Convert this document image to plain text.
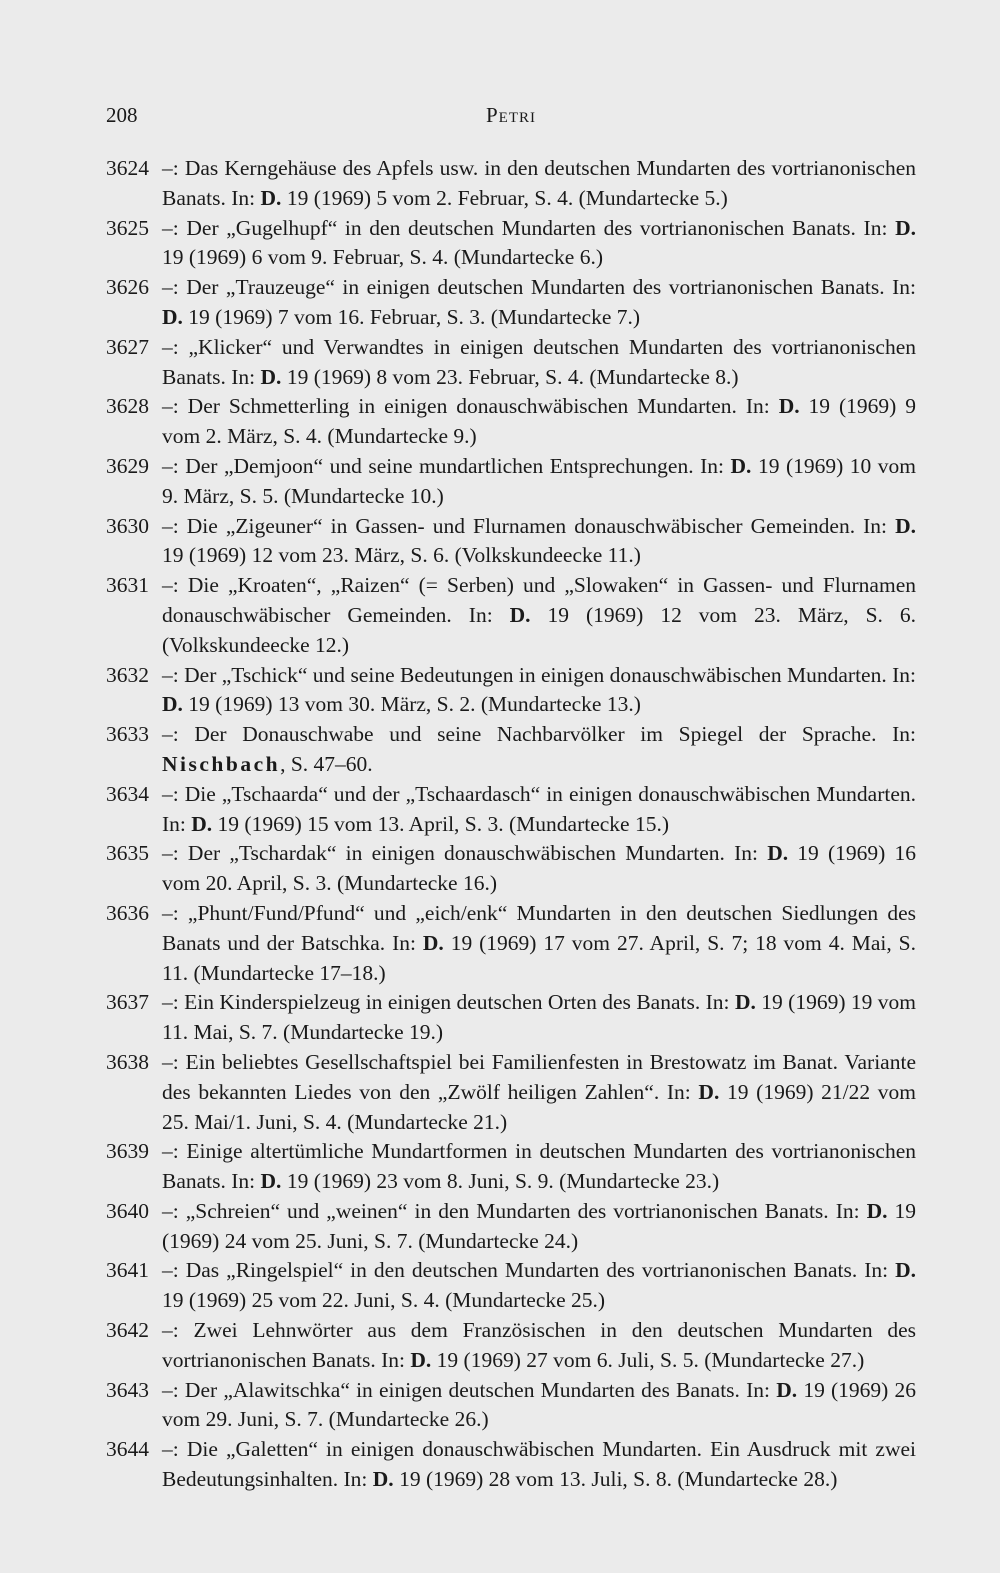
208	Petri
3624 –: Das Kerngehäuse des Apfels usw. in den deutschen Mundarten des vortrianonischen Banats. In: D. 19 (1969) 5 vom 2. Februar, S. 4. (Mundartecke 5.)
3625 –: Der „Gugelhupf“ in den deutschen Mundarten des vortrianonischen Banats. In: D. 19 (1969) 6 vom 9. Februar, S. 4. (Mundartecke 6.)
3626 –: Der „Trauzeuge“ in einigen deutschen Mundarten des vortrianonischen Banats. In: D. 19 (1969) 7 vom 16. Februar, S. 3. (Mundartecke 7.)
3627 –: „Klicker“ und Verwandtes in einigen deutschen Mundarten des vortrianonischen Banats. In: D. 19 (1969) 8 vom 23. Februar, S. 4. (Mundartecke 8.)
3628 –: Der Schmetterling in einigen donauschwäbischen Mundarten. In: D. 19 (1969) 9 vom 2. März, S. 4. (Mundartecke 9.)
3629 –: Der „Demjoon“ und seine mundartlichen Entsprechungen. In: D. 19 (1969) 10 vom 9. März, S. 5. (Mundartecke 10.)
3630 –: Die „Zigeuner“ in Gassen- und Flurnamen donauschwäbischer Gemeinden. In: D. 19 (1969) 12 vom 23. März, S. 6. (Volkskundeecke 11.)
3631 –: Die „Kroaten“, „Raizen“ (= Serben) und „Slowaken“ in Gassen- und Flurnamen donauschwäbischer Gemeinden. In: D. 19 (1969) 12 vom 23. März, S. 6. (Volkskundeecke 12.)
3632 –: Der „Tschick“ und seine Bedeutungen in einigen donauschwäbischen Mundarten. In: D. 19 (1969) 13 vom 30. März, S. 2. (Mundartecke 13.)
3633 –: Der Donauschwabe und seine Nachbarvölker im Spiegel der Sprache. In: Nischbach, S. 47–60.
3634 –: Die „Tschaarda“ und der „Tschaardasch“ in einigen donauschwäbischen Mundarten. In: D. 19 (1969) 15 vom 13. April, S. 3. (Mundartecke 15.)
3635 –: Der „Tschardak“ in einigen donauschwäbischen Mundarten. In: D. 19 (1969) 16 vom 20. April, S. 3. (Mundartecke 16.)
3636 –: „Phunt/Fund/Pfund“ und „eich/enk“ Mundarten in den deutschen Siedlungen des Banats und der Batschka. In: D. 19 (1969) 17 vom 27. April, S. 7; 18 vom 4. Mai, S. 11. (Mundartecke 17–18.)
3637 –: Ein Kinderspielzeug in einigen deutschen Orten des Banats. In: D. 19 (1969) 19 vom 11. Mai, S. 7. (Mundartecke 19.)
3638 –: Ein beliebtes Gesellschaftspiel bei Familienfesten in Brestowatz im Banat. Variante des bekannten Liedes von den „Zwölf heiligen Zahlen“. In: D. 19 (1969) 21/22 vom 25. Mai/1. Juni, S. 4. (Mundartecke 21.)
3639 –: Einige altertümliche Mundartformen in deutschen Mundarten des vortrianonischen Banats. In: D. 19 (1969) 23 vom 8. Juni, S. 9. (Mundartecke 23.)
3640 –: „Schreien“ und „weinen“ in den Mundarten des vortrianonischen Banats. In: D. 19 (1969) 24 vom 25. Juni, S. 7. (Mundartecke 24.)
3641 –: Das „Ringelspiel“ in den deutschen Mundarten des vortrianonischen Banats. In: D. 19 (1969) 25 vom 22. Juni, S. 4. (Mundartecke 25.)
3642 –: Zwei Lehnwörter aus dem Französischen in den deutschen Mundarten des vortrianonischen Banats. In: D. 19 (1969) 27 vom 6. Juli, S. 5. (Mundartecke 27.)
3643 –: Der „Alawitschka“ in einigen deutschen Mundarten des Banats. In: D. 19 (1969) 26 vom 29. Juni, S. 7. (Mundartecke 26.)
3644 –: Die „Galetten“ in einigen donauschwäbischen Mundarten. Ein Ausdruck mit zwei Bedeutungsinhalten. In: D. 19 (1969) 28 vom 13. Juli, S. 8. (Mundartecke 28.)
